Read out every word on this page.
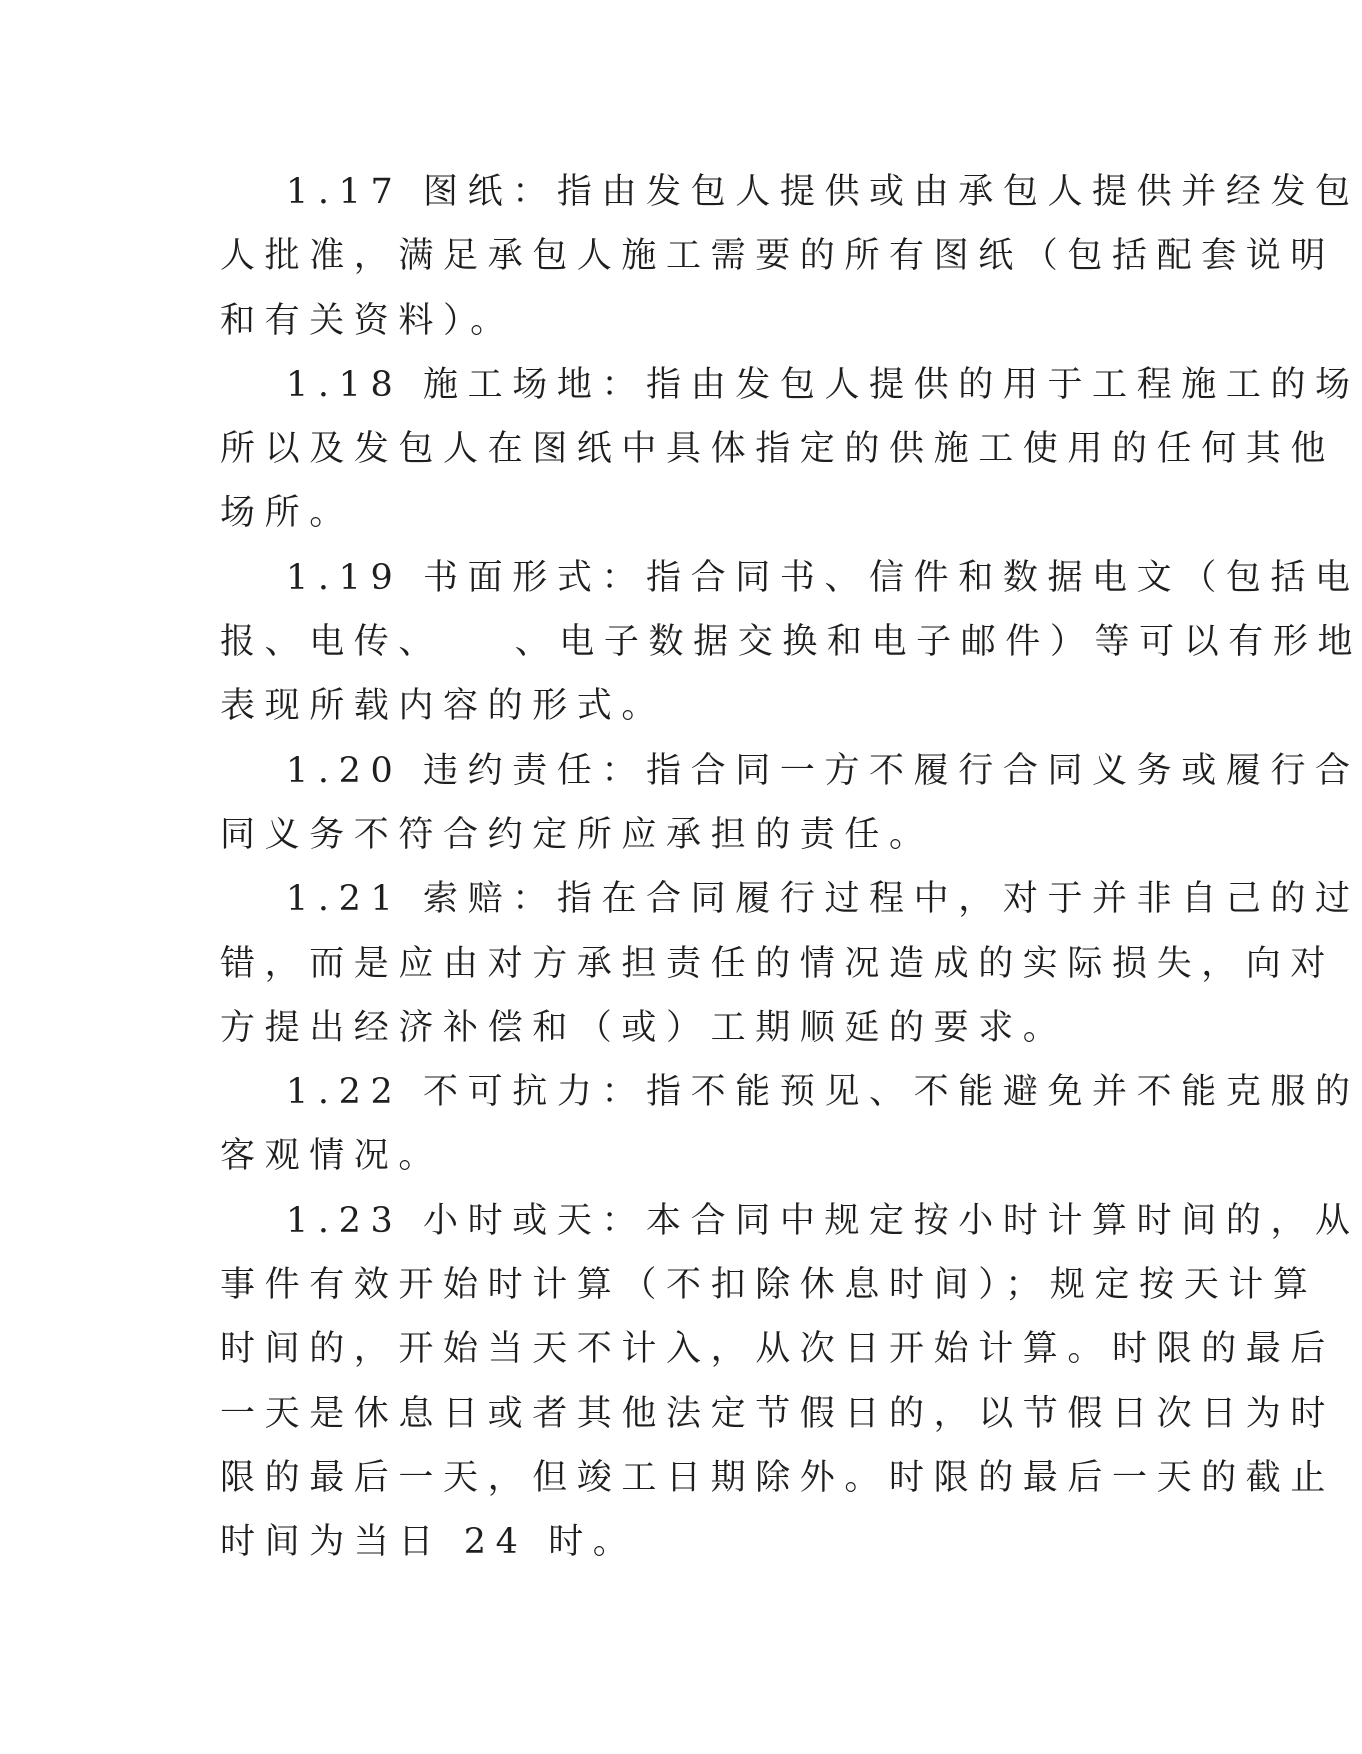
1.17 图纸：指由发包人提供或由承包人提供并经发包
人批准，满足承包人施工需要的所有图纸（包括配套说明
和有关资料）。
1.18 施工场地：指由发包人提供的用于工程施工的场
所以及发包人在图纸中具体指定的供施工使用的任何其他
场所。
1.19 书面形式：指合同书、信件和数据电文（包括电
报、电传、　　、电子数据交换和电子邮件）等可以有形地
表现所载内容的形式。
1.20 违约责任：指合同一方不履行合同义务或履行合
同义务不符合约定所应承担的责任。
1.21 索赔：指在合同履行过程中，对于并非自己的过
错，而是应由对方承担责任的情况造成的实际损失，向对
方提出经济补偿和（或）工期顺延的要求。
1.22 不可抗力：指不能预见、不能避免并不能克服的
客观情况。
1.23 小时或天：本合同中规定按小时计算时间的，从
事件有效开始时计算（不扣除休息时间）；规定按天计算
时间的，开始当天不计入，从次日开始计算。时限的最后
一天是休息日或者其他法定节假日的，以节假日次日为时
限的最后一天，但竣工日期除外。时限的最后一天的截止
时间为当日 24 时。
